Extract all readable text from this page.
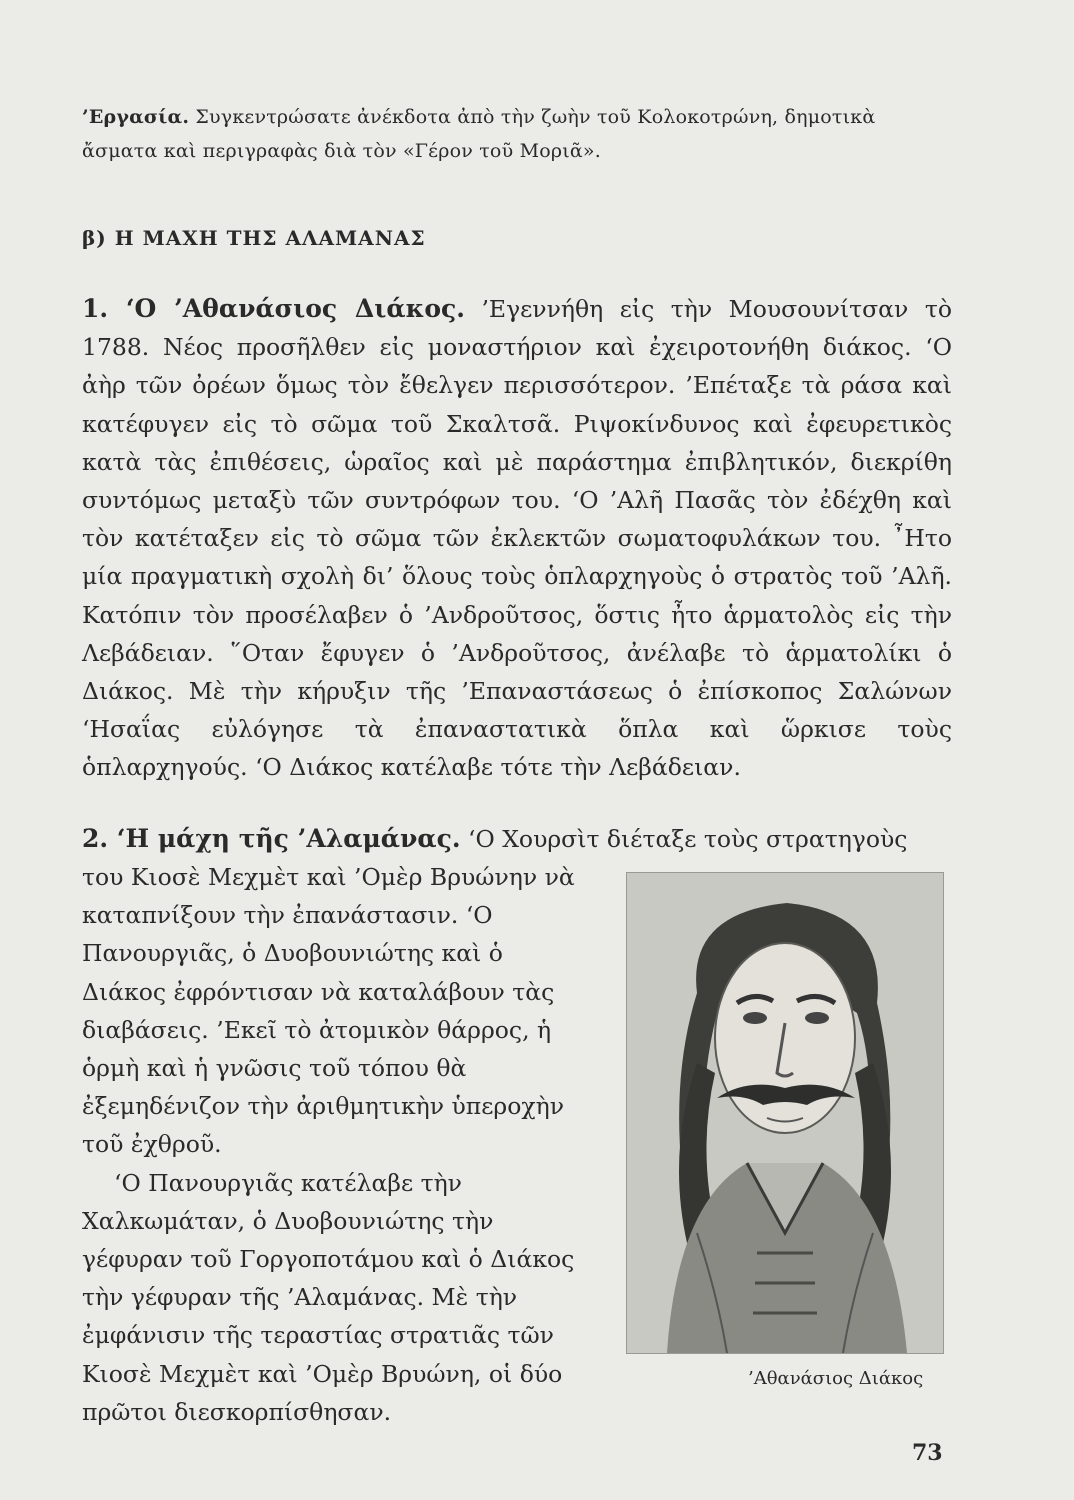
’Εργασία. Συγκεντρώσατε ἀνέκδοτα ἀπὸ τὴν ζωὴν τοῦ Κολοκοτρώνη, δημοτικὰ ἄσματα καὶ περιγραφὰς διὰ τὸν «Γέρον τοῦ Μοριᾶ».
β) Η ΜΑΧΗ ΤΗΣ ΑΛΑΜΑΝΑΣ
1. ‘Ο ’Αθανάσιος Διάκος. ’Εγεννήθη εἰς τὴν Μουσουνίτσαν τὸ 1788. Νέος προσῆλθεν εἰς μοναστήριον καὶ ἐχειροτονήθη διάκος. ‘Ο ἀὴρ τῶν ὀρέων ὅμως τὸν ἔθελγεν περισσότερον. ’Επέταξε τὰ ράσα καὶ κατέφυγεν εἰς τὸ σῶμα τοῦ Σκαλτσᾶ. Ριψοκίνδυνος καὶ ἐφευρετικὸς κατὰ τὰς ἐπιθέσεις, ὡραῖος καὶ μὲ παράστημα ἐπιβλητικόν, διεκρίθη συντόμως μεταξὺ τῶν συντρόφων του. ‘Ο ’Αλῆ Πασᾶς τὸν ἐδέχθη καὶ τὸν κατέταξεν εἰς τὸ σῶμα τῶν ἐκλεκτῶν σωματοφυλάκων του. ῏Ητο μία πραγματικὴ σχολὴ δι’ ὅλους τοὺς ὁπλαρχηγοὺς ὁ στρατὸς τοῦ ’Αλῆ. Κατόπιν τὸν προσέλαβεν ὁ ’Ανδροῦτσος, ὅστις ἦτο ἁρματολὸς εἰς τὴν Λεβάδειαν. ῞Οταν ἔφυγεν ὁ ’Ανδροῦτσος, ἀνέλαβε τὸ ἁρματολίκι ὁ Διάκος. Μὲ τὴν κήρυξιν τῆς ’Επαναστάσεως ὁ ἐπίσκοπος Σαλώνων ‘Ησαΐας εὐλόγησε τὰ ἐπαναστατικὰ ὅπλα καὶ ὥρκισε τοὺς ὁπλαρχηγούς. ‘Ο Διάκος κατέλαβε τότε τὴν Λεβάδειαν.
2. ‘Η μάχη τῆς ’Αλαμάνας. ‘Ο Χουρσὶτ διέταξε τοὺς στρατηγοὺς

του Κιοσὲ Μεχμὲτ καὶ ’Ομὲρ Βρυώνην νὰ καταπνίξουν τὴν ἐπανάστασιν. ‘Ο Πανουργιᾶς, ὁ Δυοβουνιώτης καὶ ὁ Διάκος ἐφρόντισαν νὰ καταλάβουν τὰς διαβάσεις. ’Εκεῖ τὸ ἀτομικὸν θάρρος, ἡ ὁρμὴ καὶ ἡ γνῶσις τοῦ τόπου θὰ ἐξεμηδένιζον τὴν ἀριθμητικὴν ὑπεροχὴν τοῦ ἐχθροῦ.

‘Ο Πανουργιᾶς κατέλαβε τὴν Χαλκωμάταν, ὁ Δυοβουνιώτης τὴν γέφυραν τοῦ Γοργοποτάμου καὶ ὁ Διάκος τὴν γέφυραν τῆς ’Αλαμάνας. Μὲ τὴν ἐμφάνισιν τῆς τεραστίας στρατιᾶς τῶν Κιοσὲ Μεχμὲτ καὶ ’Ομὲρ Βρυώνη, οἱ δύο πρῶτοι διεσκορπίσθησαν.

’Αθανάσιος Διάκος
73
